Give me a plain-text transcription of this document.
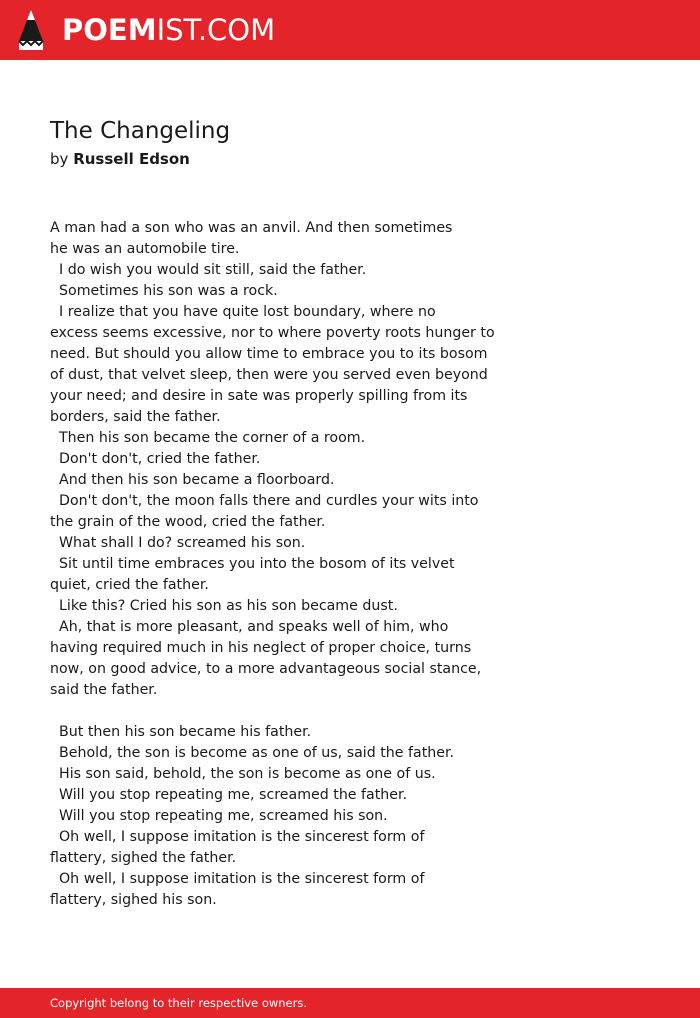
POEMIST.COM
The Changeling
by Russell Edson
A man had a son who was an anvil. And then sometimes
he was an automobile tire.
I do wish you would sit still, said the father.
Sometimes his son was a rock.
I realize that you have quite lost boundary, where no
excess seems excessive, nor to where poverty roots hunger to
need. But should you allow time to embrace you to its bosom
of dust, that velvet sleep, then were you served even beyond
your need; and desire in sate was properly spilling from its
borders, said the father.
Then his son became the corner of a room.
Don't don't, cried the father.
And then his son became a floorboard.
Don't don't, the moon falls there and curdles your wits into
the grain of the wood, cried the father.
What shall I do? screamed his son.
Sit until time embraces you into the bosom of its velvet
quiet, cried the father.
Like this? Cried his son as his son became dust.
Ah, that is more pleasant, and speaks well of him, who
having required much in his neglect of proper choice, turns
now, on good advice, to a more advantageous social stance,
said the father.
But then his son became his father.
Behold, the son is become as one of us, said the father.
His son said, behold, the son is become as one of us.
Will you stop repeating me, screamed the father.
Will you stop repeating me, screamed his son.
Oh well, I suppose imitation is the sincerest form of
flattery, sighed the father.
Oh well, I suppose imitation is the sincerest form of
flattery, sighed his son.
Copyright belong to their respective owners.
